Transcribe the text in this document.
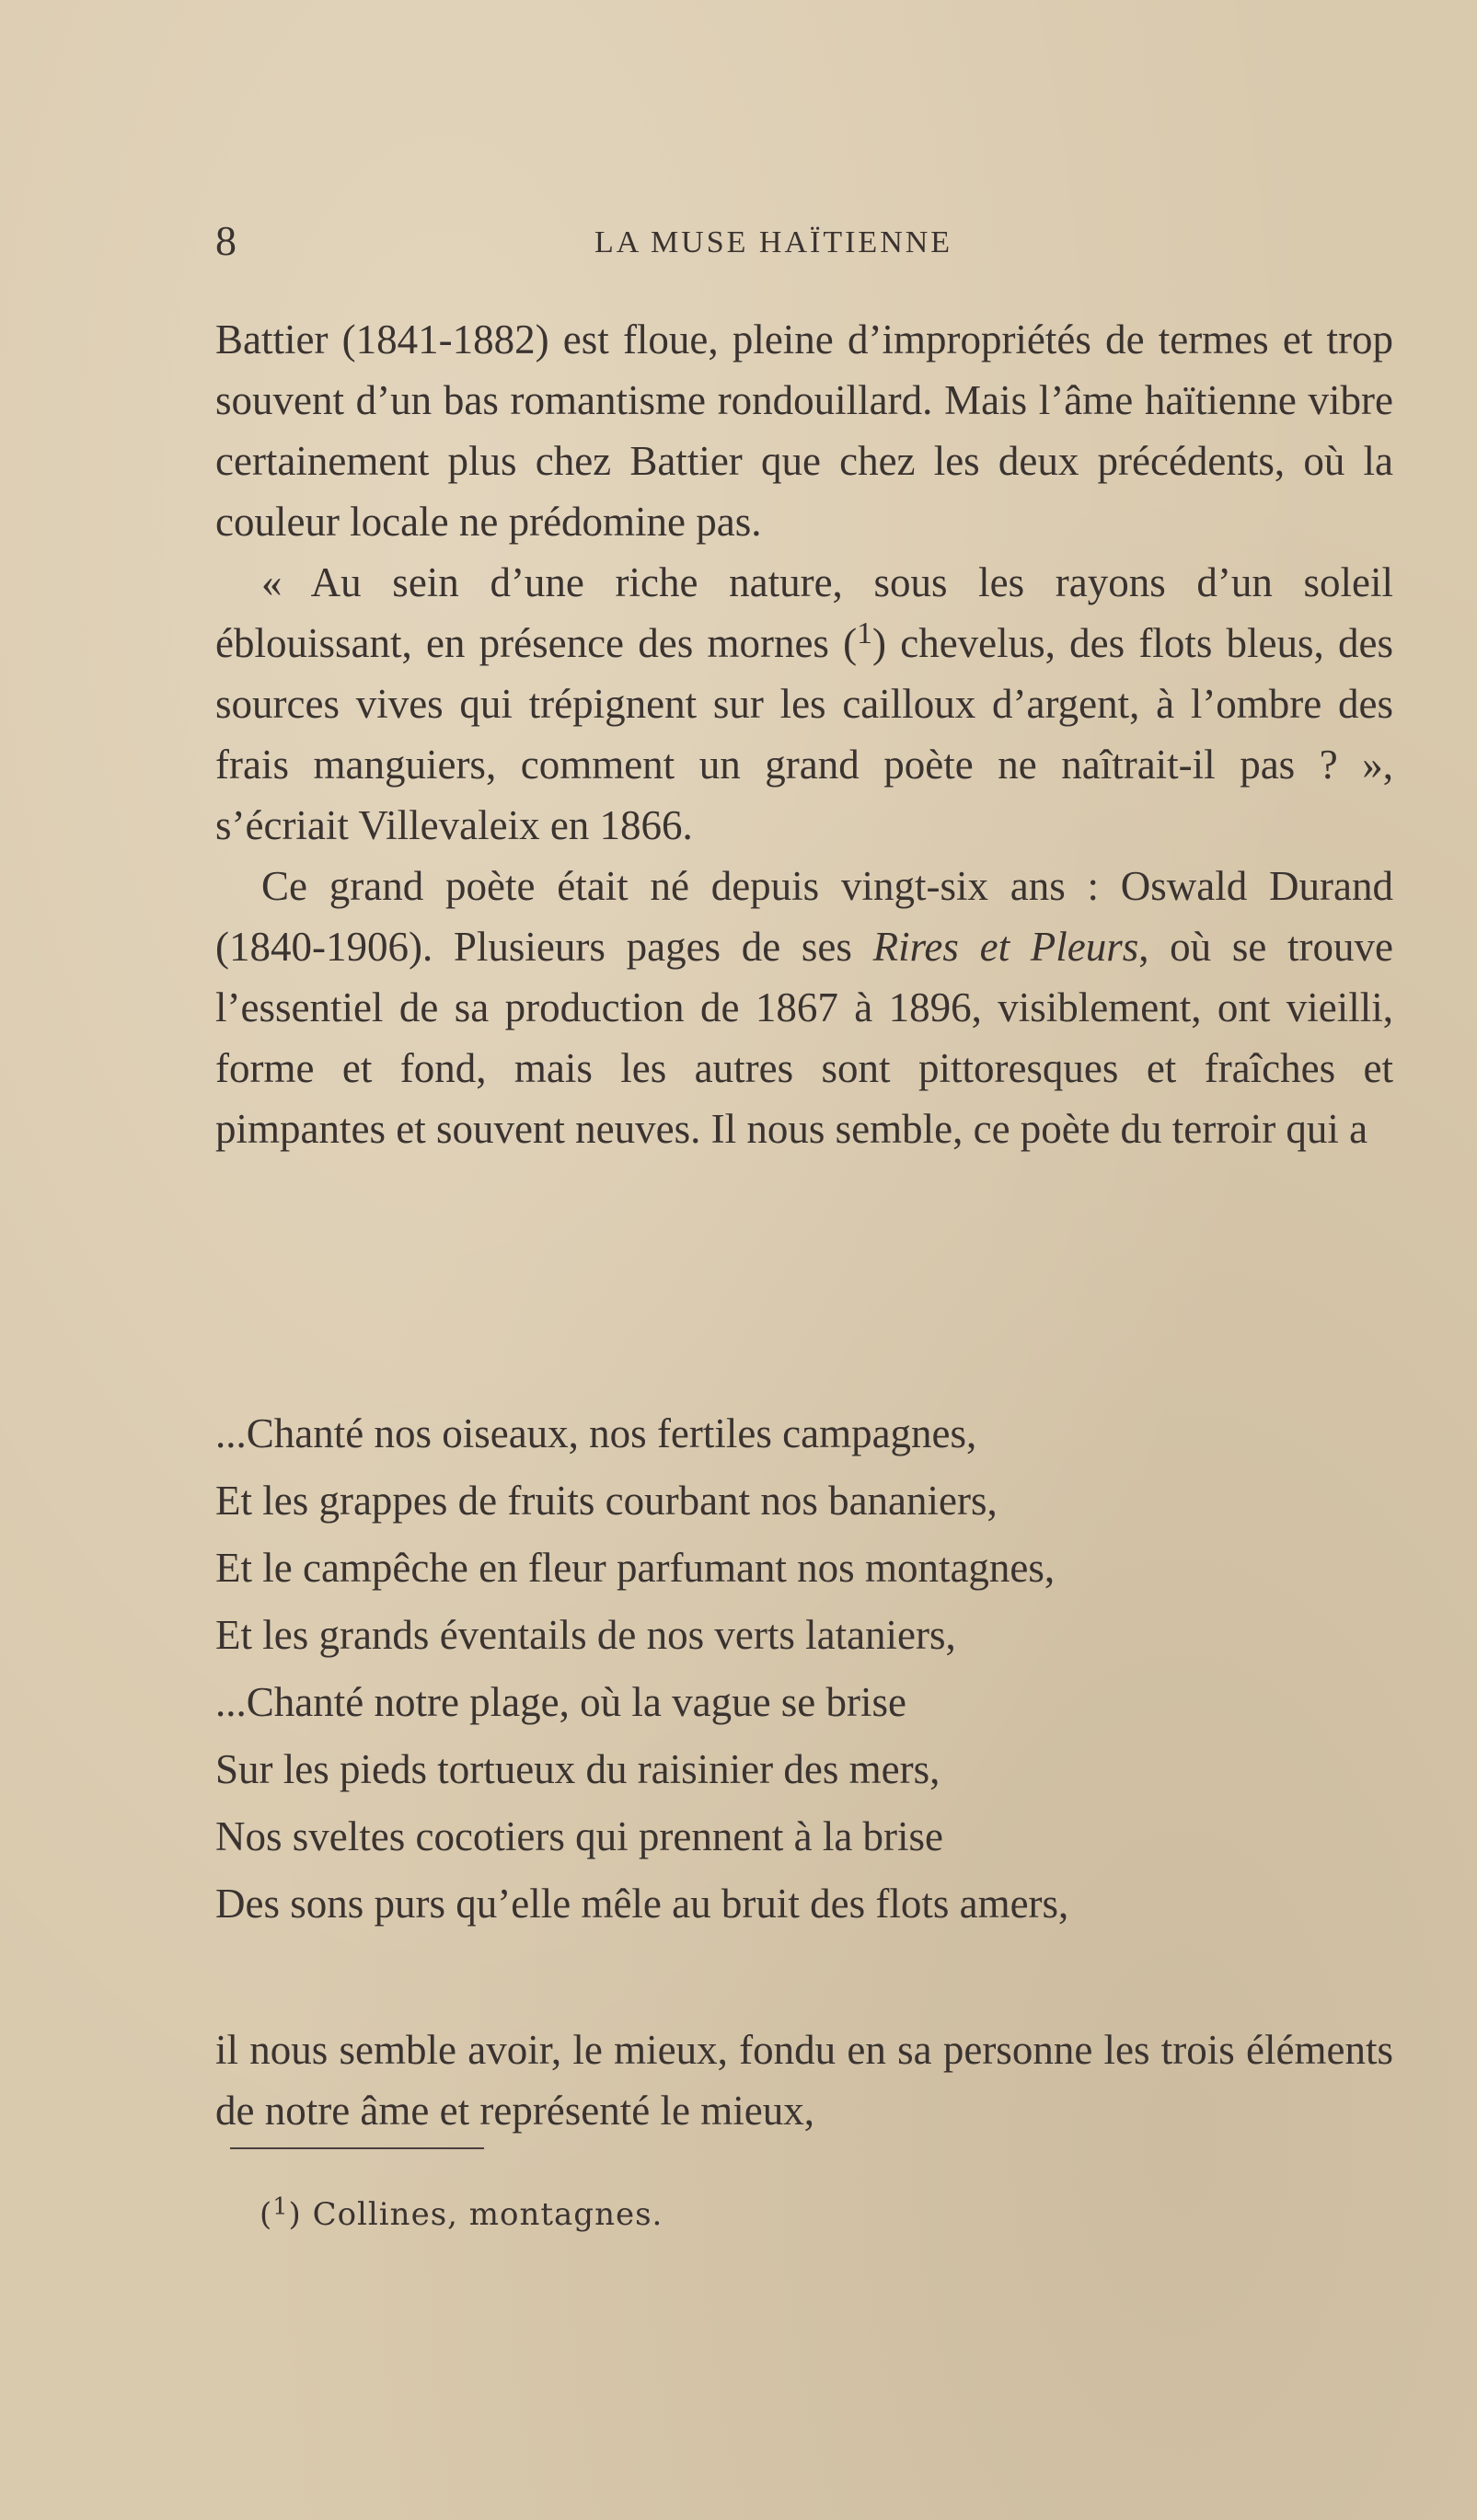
8	LA MUSE HAÏTIENNE

Battier (1841-1882) est floue, pleine d’impropriétés de termes et trop souvent d’un bas romantisme rondouillard. Mais l’âme haïtienne vibre certainement plus chez Battier que chez les deux précédents, où la couleur locale ne prédomine pas.

« Au sein d’une riche nature, sous les rayons d’un soleil éblouissant, en présence des mornes ($^1$) chevelus, des flots bleus, des sources vives qui trépignent sur les cailloux d’argent, à l’ombre des frais manguiers, comment un grand poète ne naîtrait-il pas ? », s’écriait Villevaleix en 1866.

Ce grand poète était né depuis vingt-six ans : Oswald Durand (1840-1906). Plusieurs pages de ses Rires et Pleurs, où se trouve l’essentiel de sa production de 1867 à 1896, visiblement, ont vieilli, forme et fond, mais les autres sont pittoresques et fraîches et pimpantes et souvent neuves. Il nous semble, ce poète du terroir qui a

...Chanté nos oiseaux, nos fertiles campagnes,
Et les grappes de fruits courbant nos bananiers,
Et le campêche en fleur parfumant nos montagnes,
Et les grands éventails de nos verts lataniers,
...Chanté notre plage, où la vague se brise
Sur les pieds tortueux du raisinier des mers,
Nos sveltes cocotiers qui prennent à la brise
Des sons purs qu’elle mêle au bruit des flots amers,

il nous semble avoir, le mieux, fondu en sa personne les trois éléments de notre âme et représenté le mieux,

($^1$) Collines, montagnes.
